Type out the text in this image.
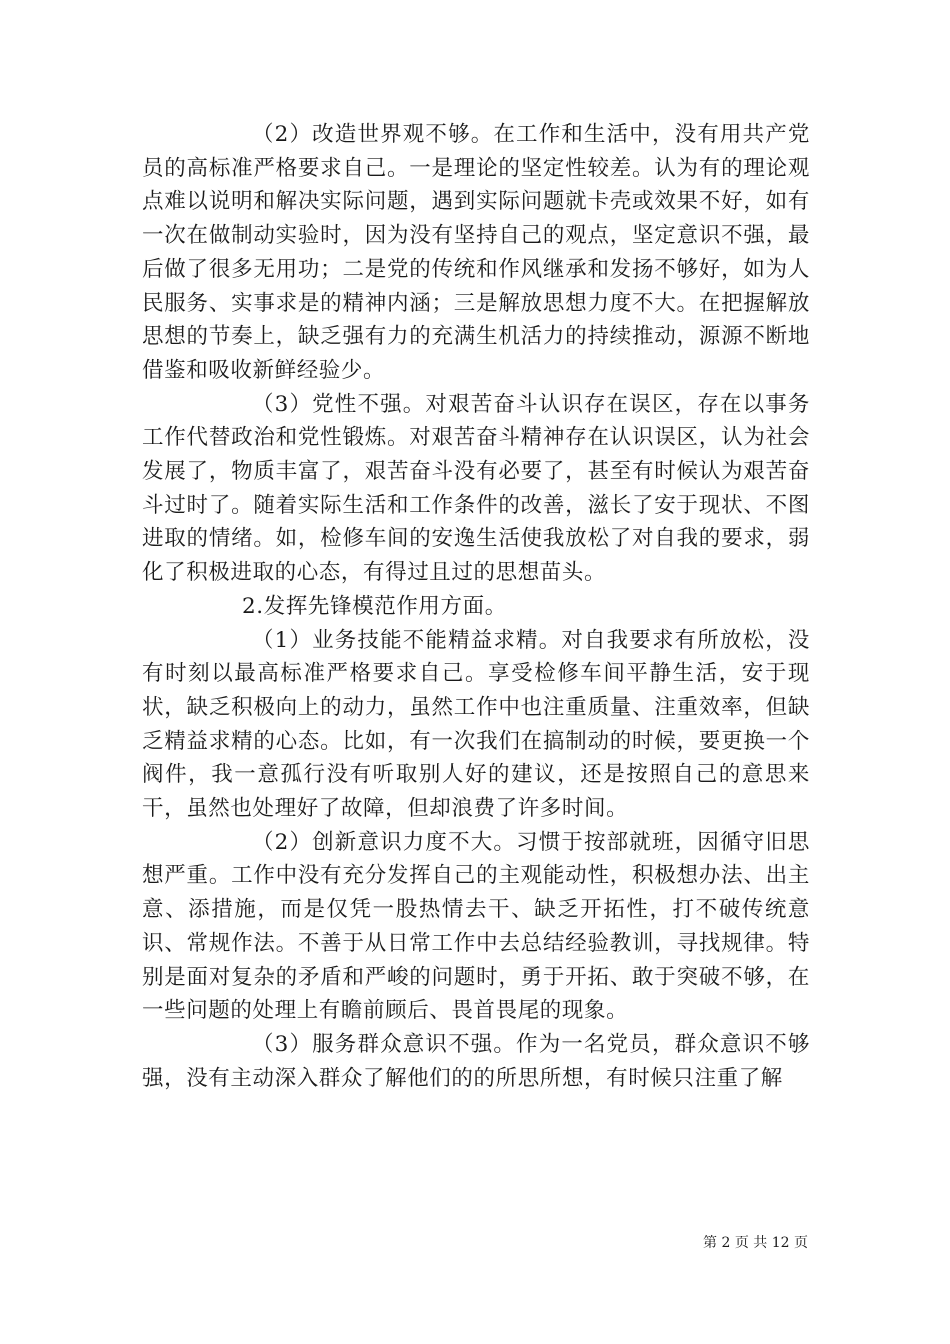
（2）改造世界观不够。在工作和生活中，没有用共产党员的高标准严格要求自己。一是理论的坚定性较差。认为有的理论观点难以说明和解决实际问题，遇到实际问题就卡壳或效果不好，如有一次在做制动实验时，因为没有坚持自己的观点，坚定意识不强，最后做了很多无用功；二是党的传统和作风继承和发扬不够好，如为人民服务、实事求是的精神内涵；三是解放思想力度不大。在把握解放思想的节奏上，缺乏强有力的充满生机活力的持续推动，源源不断地借鉴和吸收新鲜经验少。

（3）党性不强。对艰苦奋斗认识存在误区，存在以事务工作代替政治和党性锻炼。对艰苦奋斗精神存在认识误区，认为社会发展了，物质丰富了，艰苦奋斗没有必要了，甚至有时候认为艰苦奋斗过时了。随着实际生活和工作条件的改善，滋长了安于现状、不图进取的情绪。如，检修车间的安逸生活使我放松了对自我的要求，弱化了积极进取的心态，有得过且过的思想苗头。

2.发挥先锋模范作用方面。

（1）业务技能不能精益求精。对自我要求有所放松，没有时刻以最高标准严格要求自己。享受检修车间平静生活，安于现状，缺乏积极向上的动力，虽然工作中也注重质量、注重效率，但缺乏精益求精的心态。比如，有一次我们在搞制动的时候，要更换一个阀件，我一意孤行没有听取别人好的建议，还是按照自己的意思来干，虽然也处理好了故障，但却浪费了许多时间。

（2）创新意识力度不大。习惯于按部就班，因循守旧思想严重。工作中没有充分发挥自己的主观能动性，积极想办法、出主意、添措施，而是仅凭一股热情去干、缺乏开拓性，打不破传统意识、常规作法。不善于从日常工作中去总结经验教训，寻找规律。特别是面对复杂的矛盾和严峻的问题时，勇于开拓、敢于突破不够，在一些问题的处理上有瞻前顾后、畏首畏尾的现象。

（3）服务群众意识不强。作为一名党员，群众意识不够强，没有主动深入群众了解他们的的所思所想，有时候只注重了解

第 2 页 共 12 页
